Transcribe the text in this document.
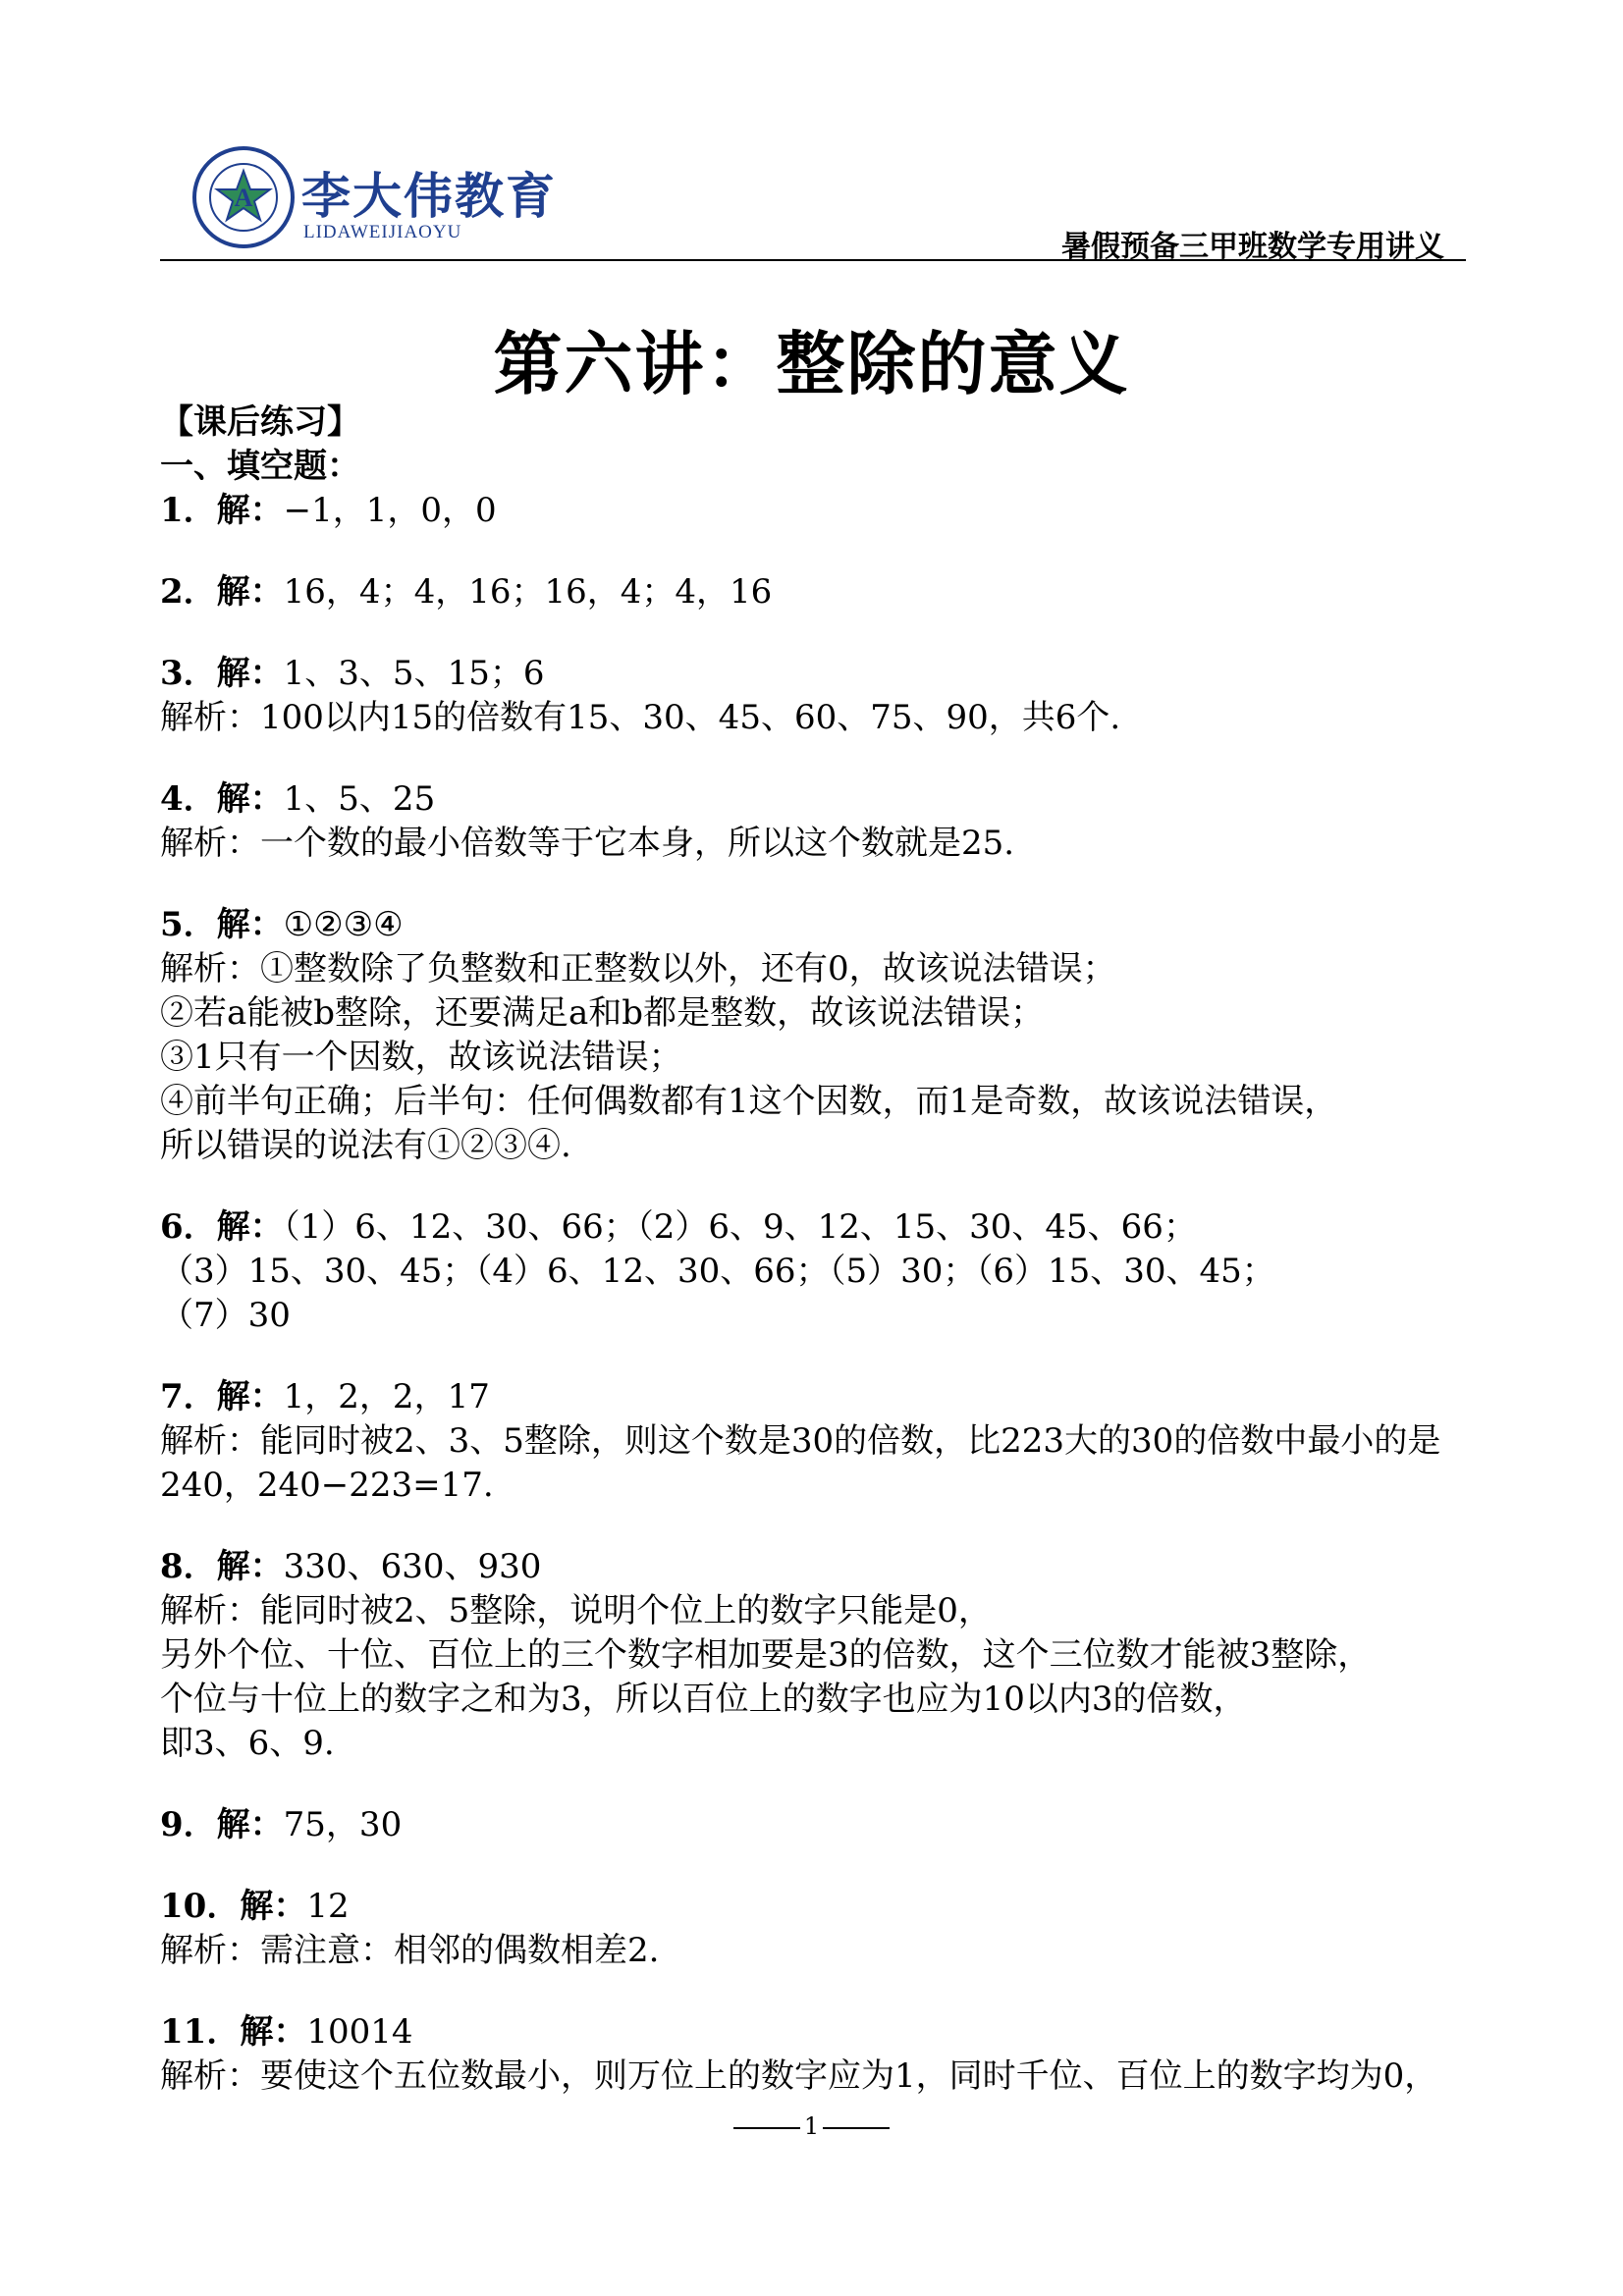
A 李大伟教育
LIDAWEIJIAOYU	暑假预备三甲班数学专用讲义
第六讲：整除的意义
【课后练习】
一、填空题：
1．解：−1，1，0，0
2．解：16，4；4，16；16，4；4，16
3．解：1、3、5、15；6
解析：100以内15的倍数有15、30、45、60、75、90，共6个.
4．解：1、5、25
解析：一个数的最小倍数等于它本身，所以这个数就是25.
5．解：①②③④
解析：①整数除了负整数和正整数以外，还有0，故该说法错误；
②若a能被b整除，还要满足a和b都是整数，故该说法错误；
③1只有一个因数，故该说法错误；
④前半句正确；后半句：任何偶数都有1这个因数，而1是奇数，故该说法错误，
所以错误的说法有①②③④.
6．解：（1）6、12、30、66；（2）6、9、12、15、30、45、66；
（3）15、30、45；（4）6、12、30、66；（5）30；（6）15、30、45；
（7）30
7．解：1，2，2，17
解析：能同时被2、3、5整除，则这个数是30的倍数，比223大的30的倍数中最小的是
240，240−223=17.
8．解：330、630、930
解析：能同时被2、5整除，说明个位上的数字只能是0，
另外个位、十位、百位上的三个数字相加要是3的倍数，这个三位数才能被3整除，
个位与十位上的数字之和为3，所以百位上的数字也应为10以内3的倍数，
即3、6、9.
9．解：75，30
10．解：12
解析：需注意：相邻的偶数相差2.
11．解：10014
解析：要使这个五位数最小，则万位上的数字应为1，同时千位、百位上的数字均为0，
1
